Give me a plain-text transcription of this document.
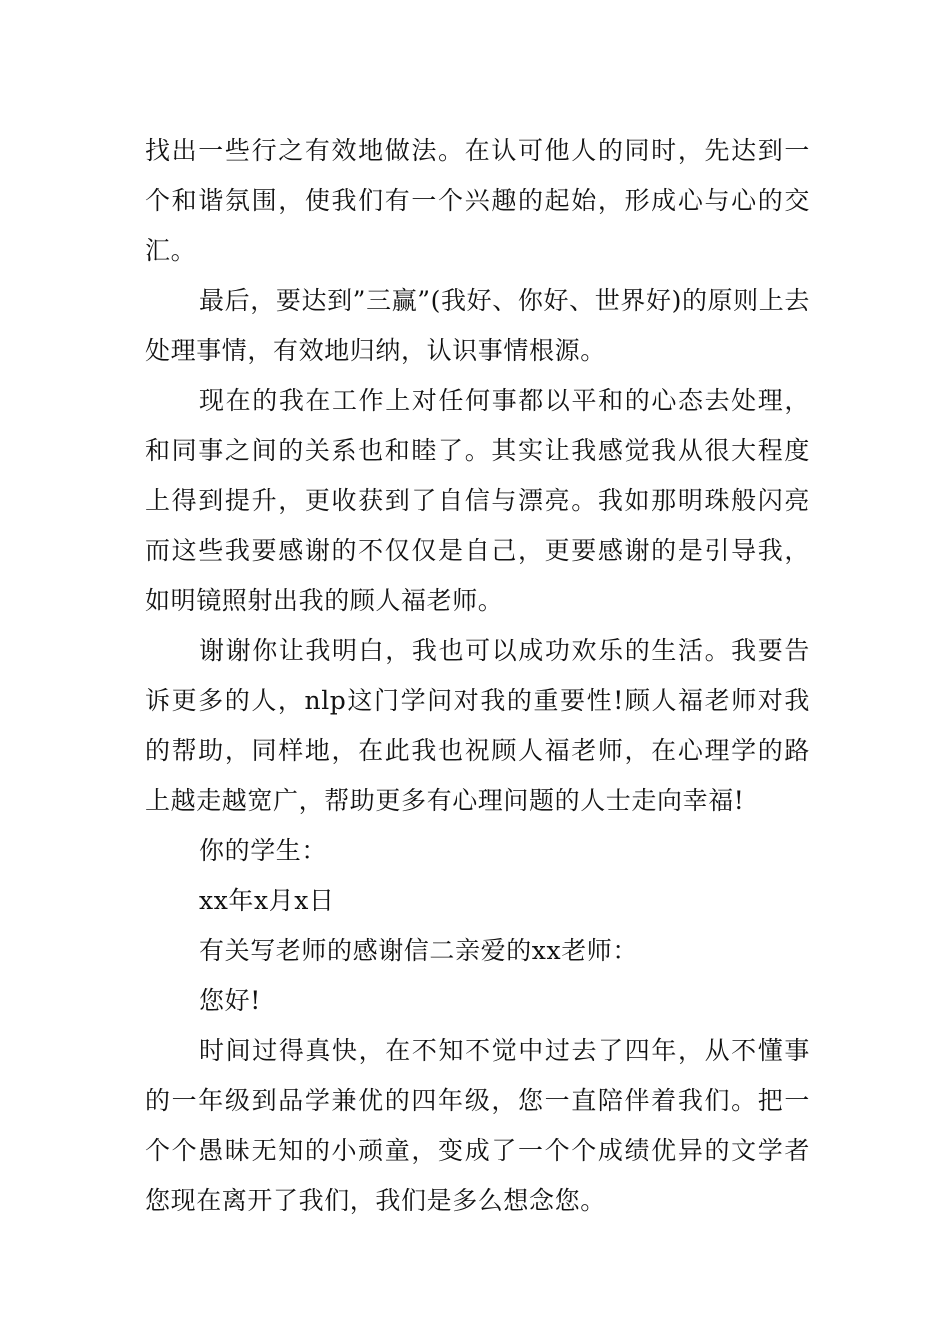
找出一些行之有效地做法。在认可他人的同时，先达到一个和谐氛围，使我们有一个兴趣的起始，形成心与心的交汇。

最后，要达到”三赢”(我好、你好、世界好)的原则上去处理事情，有效地归纳，认识事情根源。

现在的我在工作上对任何事都以平和的心态去处理，和同事之间的关系也和睦了。其实让我感觉我从很大程度上得到提升，更收获到了自信与漂亮。我如那明珠般闪亮而这些我要感谢的不仅仅是自己，更要感谢的是引导我，如明镜照射出我的顾人福老师。

谢谢你让我明白，我也可以成功欢乐的生活。我要告诉更多的人，nlp这门学问对我的重要性!顾人福老师对我的帮助，同样地，在此我也祝顾人福老师，在心理学的路上越走越宽广，帮助更多有心理问题的人士走向幸福!

你的学生：

xx年x月x日

有关写老师的感谢信二亲爱的xx老师：

您好!

时间过得真快，在不知不觉中过去了四年，从不懂事的一年级到品学兼优的四年级，您一直陪伴着我们。把一个个愚昧无知的小顽童，变成了一个个成绩优异的文学者您现在离开了我们，我们是多么想念您。
